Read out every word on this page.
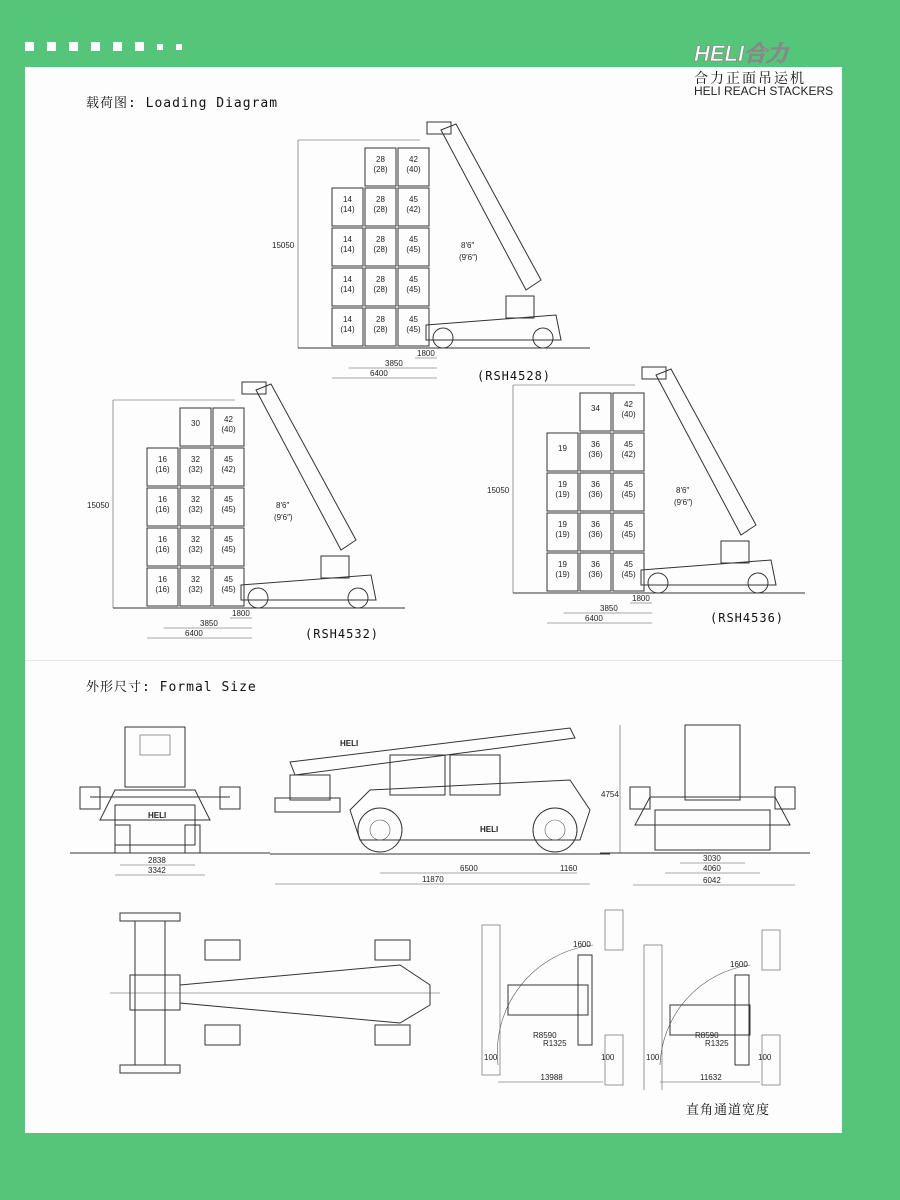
HELI合力

合力正面吊运机

HELI REACH STACKERS

载荷图: Loading Diagram

外形尺寸: Formal Size

15050
14
(14)
14
(14)
14
(14)
14
(14)
28
(28)
28
(28)
28
(28)
28
(28)
28
(28)
42
(40)
45
(42)
45
(45)
45
(45)
45
(45)
8′6″
(9′6″)
1800
3850
6400
15050
16
(16)
16
(16)
16
(16)
16
(16)
30
32
(32)
32
(32)
32
(32)
32
(32)
42
(40)
45
(42)
45
(45)
45
(45)
45
(45)
8′6″
(9′6″)
1800
3850
6400
15050
19
19
(19)
19
(19)
19
(19)
34
36
(36)
36
(36)
36
(36)
36
(36)
42
(40)
45
(42)
45
(45)
45
(45)
45
(45)
8′6″
(9′6″)
1800
3850
6400
(RSH4528)
(RSH4532)
(RSH4536)
HELI
2838
3342
HELI
HELI
6500	1160
11870
4754
3030
4060
6042
1600
R8590
R1325
100	100
13988
1600
R8590
R1325
100	100
11632

直角通道宽度
